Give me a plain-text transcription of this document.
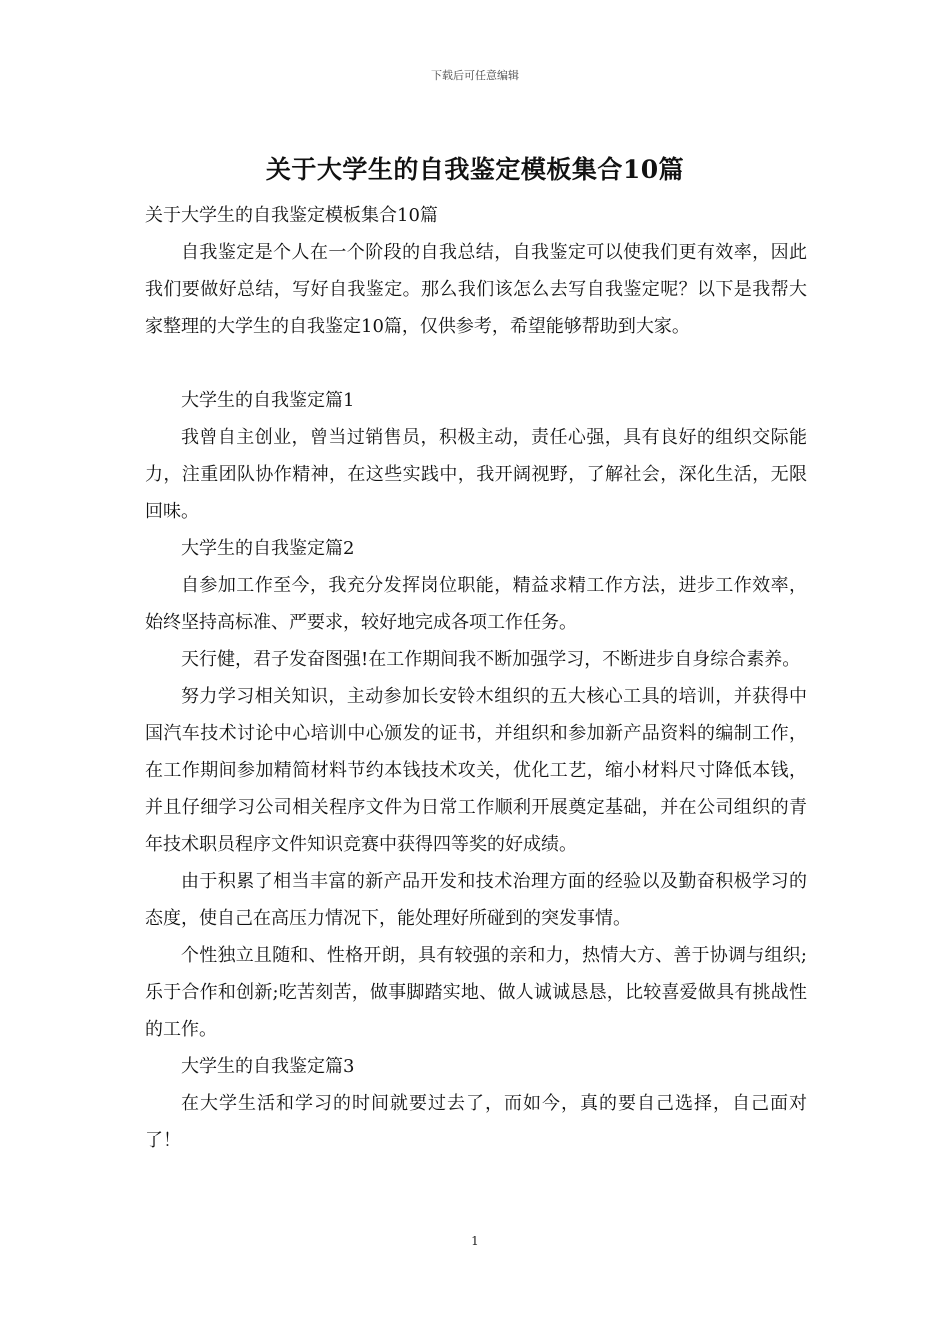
下载后可任意编辑
关于大学生的自我鉴定模板集合10篇

关于大学生的自我鉴定模板集合10篇

自我鉴定是个人在一个阶段的自我总结，自我鉴定可以使我们更有效率，因此我们要做好总结，写好自我鉴定。那么我们该怎么去写自我鉴定呢？以下是我帮大家整理的大学生的自我鉴定10篇，仅供参考，希望能够帮助到大家。

大学生的自我鉴定篇1

我曾自主创业，曾当过销售员，积极主动，责任心强，具有良好的组织交际能力，注重团队协作精神，在这些实践中，我开阔视野，了解社会，深化生活，无限回味。

大学生的自我鉴定篇2

自参加工作至今，我充分发挥岗位职能，精益求精工作方法，进步工作效率，始终坚持高标准、严要求，较好地完成各项工作任务。

天行健，君子发奋图强!在工作期间我不断加强学习，不断进步自身综合素养。

努力学习相关知识，主动参加长安铃木组织的五大核心工具的培训，并获得中国汽车技术讨论中心培训中心颁发的证书，并组织和参加新产品资料的编制工作，在工作期间参加精简材料节约本钱技术攻关，优化工艺，缩小材料尺寸降低本钱，并且仔细学习公司相关程序文件为日常工作顺利开展奠定基础，并在公司组织的青年技术职员程序文件知识竞赛中获得四等奖的好成绩。

由于积累了相当丰富的新产品开发和技术治理方面的经验以及勤奋积极学习的态度，使自己在高压力情况下，能处理好所碰到的突发事情。

个性独立且随和、性格开朗，具有较强的亲和力，热情大方、善于协调与组织;乐于合作和创新;吃苦刻苦，做事脚踏实地、做人诚诚恳恳，比较喜爱做具有挑战性的工作。

大学生的自我鉴定篇3

在大学生活和学习的时间就要过去了，而如今，真的要自己选择，自己面对了！

1
